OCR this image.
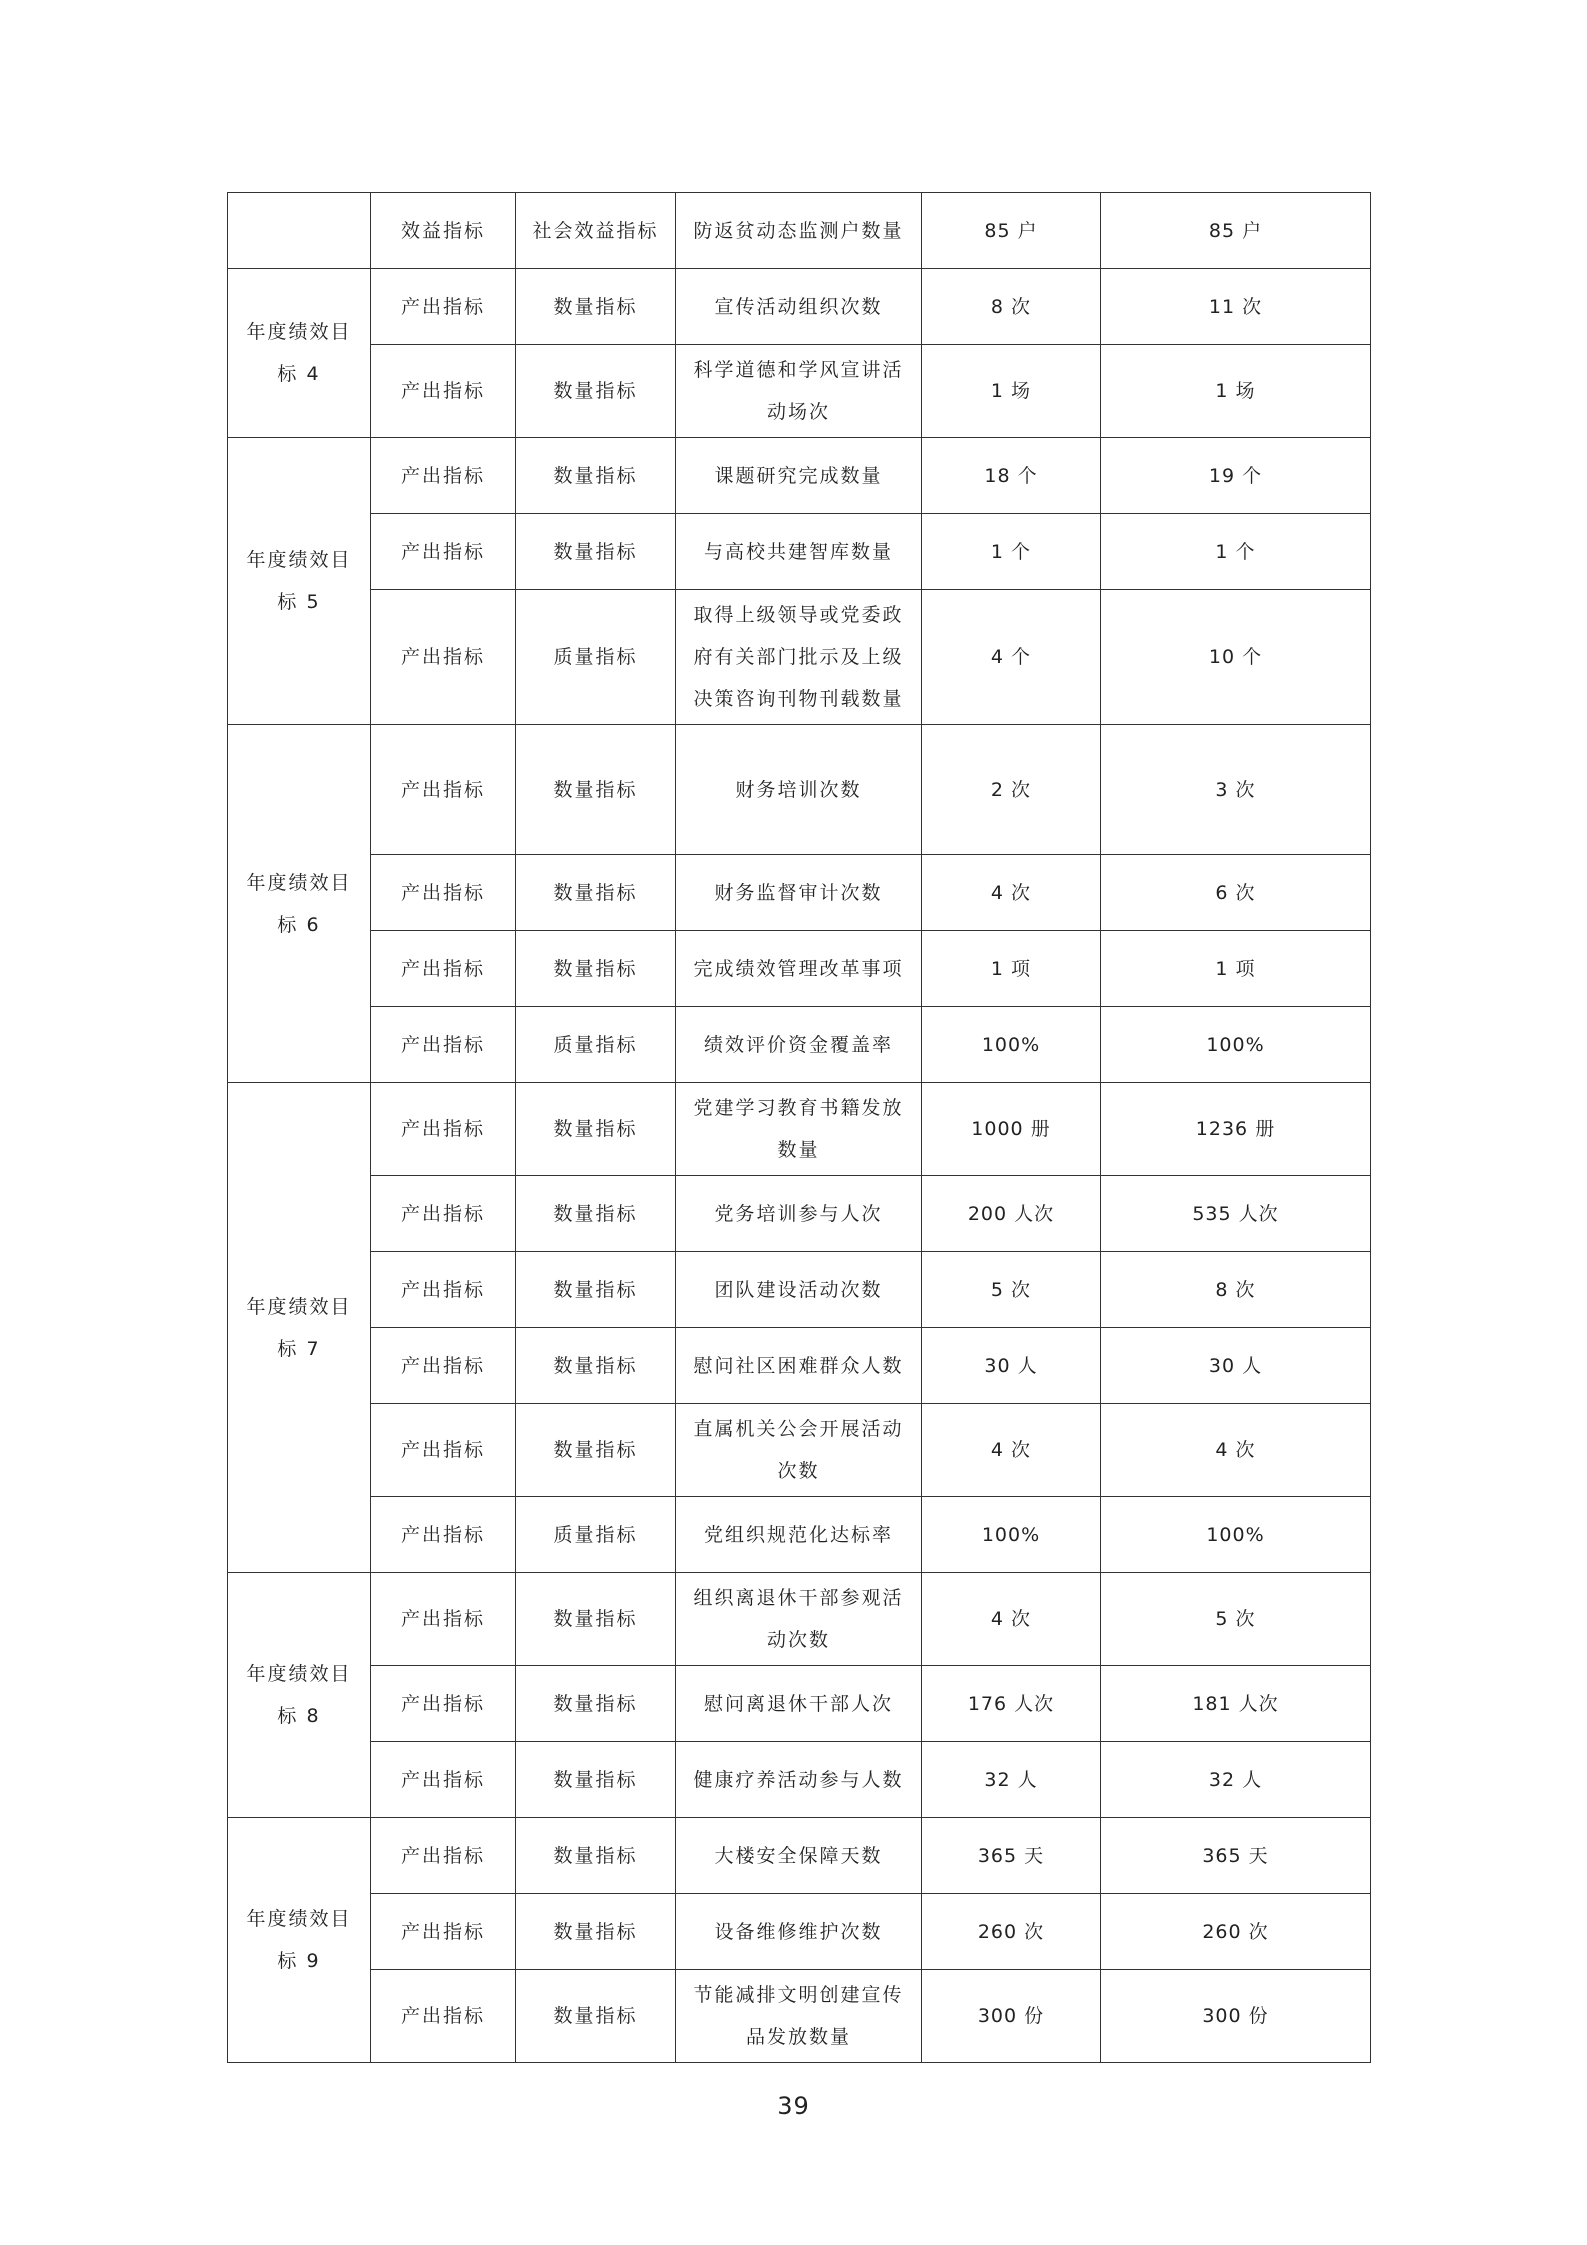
	效益指标	社会效益指标	防返贫动态监测户数量	85 户	85 户
年度绩效目标 4	产出指标	数量指标	宣传活动组织次数	8 次	11 次
	产出指标	数量指标	科学道德和学风宣讲活动场次	1 场	1 场
年度绩效目标 5	产出指标	数量指标	课题研究完成数量	18 个	19 个
	产出指标	数量指标	与高校共建智库数量	1 个	1 个
	产出指标	质量指标	取得上级领导或党委政府有关部门批示及上级决策咨询刊物刊载数量	4 个	10 个
年度绩效目标 6	产出指标	数量指标	财务培训次数	2 次	3 次
	产出指标	数量指标	财务监督审计次数	4 次	6 次
	产出指标	数量指标	完成绩效管理改革事项	1 项	1 项
	产出指标	质量指标	绩效评价资金覆盖率	100%	100%
年度绩效目标 7	产出指标	数量指标	党建学习教育书籍发放数量	1000 册	1236 册
	产出指标	数量指标	党务培训参与人次	200 人次	535 人次
	产出指标	数量指标	团队建设活动次数	5 次	8 次
	产出指标	数量指标	慰问社区困难群众人数	30 人	30 人
	产出指标	数量指标	直属机关公会开展活动次数	4 次	4 次
	产出指标	质量指标	党组织规范化达标率	100%	100%
年度绩效目标 8	产出指标	数量指标	组织离退休干部参观活动次数	4 次	5 次
	产出指标	数量指标	慰问离退休干部人次	176 人次	181 人次
	产出指标	数量指标	健康疗养活动参与人数	32 人	32 人
年度绩效目标 9	产出指标	数量指标	大楼安全保障天数	365 天	365 天
	产出指标	数量指标	设备维修维护次数	260 次	260 次
	产出指标	数量指标	节能减排文明创建宣传品发放数量	300 份	300 份
39
